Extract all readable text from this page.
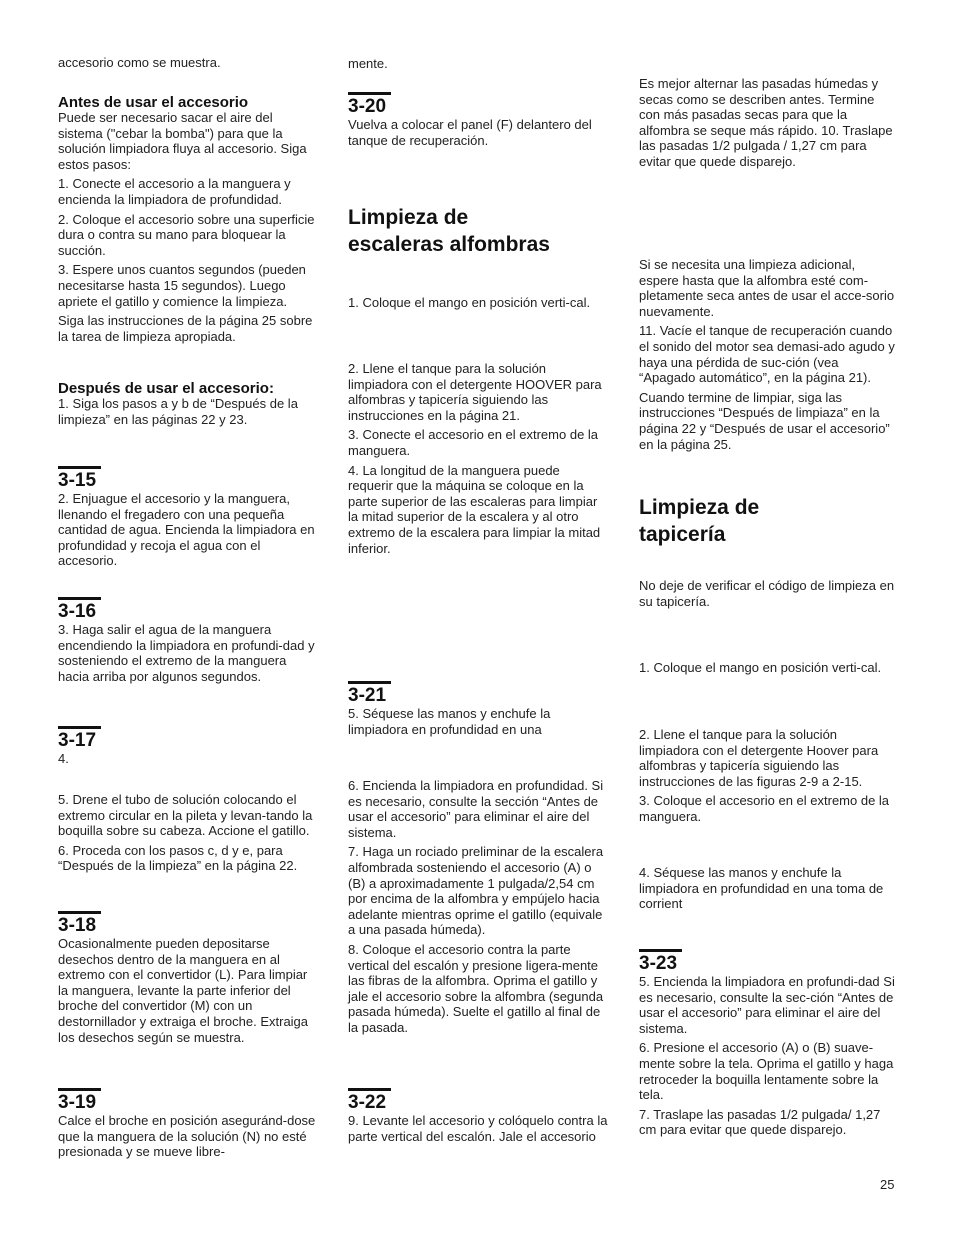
accesorio como se muestra.

Antes de usar el accesorio

Puede ser necesario sacar el aire del sistema ("cebar la bomba") para que la solución limpiadora fluya al accesorio. Siga estos pasos:

1. Conecte el accesorio a la manguera y encienda la limpiadora de profundidad.

2. Coloque el accesorio sobre una superficie dura o contra su mano para bloquear la succión.

3. Espere unos cuantos segundos (pueden necesitarse hasta 15 segundos). Luego apriete el gatillo y comience la limpieza.

Siga las instrucciones de la página 25 sobre la tarea de limpieza apropiada.

Después de usar el accesorio:

1. Siga los pasos a y b de “Después de la limpieza” en las páginas 22 y 23.

3-15

2. Enjuague el accesorio y la manguera, llenando el fregadero con una pequeña cantidad de agua. Encienda la limpiadora en profundidad y recoja el agua con el accesorio.

3-16

3. Haga salir el agua de la manguera encendiendo la limpiadora en profundi-dad y sosteniendo el extremo de la manguera hacia arriba por algunos segundos.

3-17

4.

5. Drene el tubo de solución colocando el extremo circular en la pileta y levan-tando la boquilla sobre su cabeza. Accione el gatillo.

6. Proceda con los pasos c, d y e, para “Después de la limpieza” en la página 22.

3-18

Ocasionalmente pueden depositarse desechos dentro de la manguera en al extremo con el convertidor (L). Para limpiar la manguera, levante la parte inferior del broche del convertidor (M) con un destornillador y extraiga el broche. Extraiga los desechos según se muestra.

3-19

Calce el broche en posición aseguránd-dose que la manguera de la solución (N) no esté presionada y se mueve libre-

mente.

3-20

Vuelva a colocar el panel (F) delantero del tanque de recuperación.

Limpieza de

escaleras alfombras

1. Coloque el mango en posición verti-cal.

2. Llene el tanque para la solución limpiadora con el detergente HOOVER para alfombras y tapicería siguiendo las instrucciones en la página 21.

3. Conecte el accesorio en el extremo de la manguera.

4. La longitud de la manguera puede requerir que la máquina se coloque en la parte superior de las escaleras para limpiar la mitad superior de la escalera y al otro extremo de la escalera para limpiar la mitad inferior.

3-21

5. Séquese las manos y enchufe la limpiadora en profundidad en una

6. Encienda la limpiadora en profundidad. Si es necesario, consulte la sección “Antes de usar el accesorio” para eliminar el aire del sistema.

7. Haga un rociado preliminar de la escalera alfombrada sosteniendo el accesorio (A) o (B) a aproximadamente 1 pulgada/2,54 cm por encima de la alfombra y empújelo hacia adelante mientras oprime el gatillo (equivale a una pasada húmeda).

8. Coloque el accesorio contra la parte vertical del escalón y presione ligera-mente las fibras de la alfombra. Oprima el gatillo y jale el accesorio sobre la alfombra (segunda pasada húmeda). Suelte el gatillo al final de la pasada.

3-22

9. Levante lel accesorio y colóquelo contra la parte vertical del escalón. Jale el accesorio

Es mejor alternar las pasadas húmedas y secas como se describen antes. Termine con más pasadas secas para que la alfombra se seque más rápido. 10. Traslape las pasadas 1/2 pulgada / 1,27 cm para evitar que quede disparejo.

Si se necesita una limpieza adicional, espere hasta que la alfombra esté com-pletamente seca antes de usar el acce-sorio nuevamente.

11. Vacíe el tanque de recuperación cuando el sonido del motor sea demasi-ado agudo y haya una pérdida de suc-ción (vea “Apagado automático”, en la página 21).

Cuando termine de limpiar, siga las instrucciones “Después de limpiaza” en la página 22 y “Después de usar el accesorio” en la página 25.

Limpieza de

tapicería

No deje de verificar el código de limpieza en su tapicería.

1. Coloque el mango en posición verti-cal.

2. Llene el tanque para la solución limpiadora con el detergente Hoover para alfombras y tapicería siguiendo las instrucciones de las figuras 2-9 a 2-15.

3. Coloque el accesorio en el extremo de la manguera.

4. Séquese las manos y enchufe la limpiadora en profundidad en una toma de corrient

3-23

5. Encienda la limpiadora en profundi-dad Si es necesario, consulte la sec-ción “Antes de usar el accesorio” para eliminar el aire del sistema.

6. Presione el accesorio (A) o (B) suave-mente sobre la tela. Oprima el gatillo y haga retroceder la boquilla lentamente sobre la tela.

7. Traslape las pasadas 1/2 pulgada/ 1,27 cm para evitar que quede disparejo.

25
